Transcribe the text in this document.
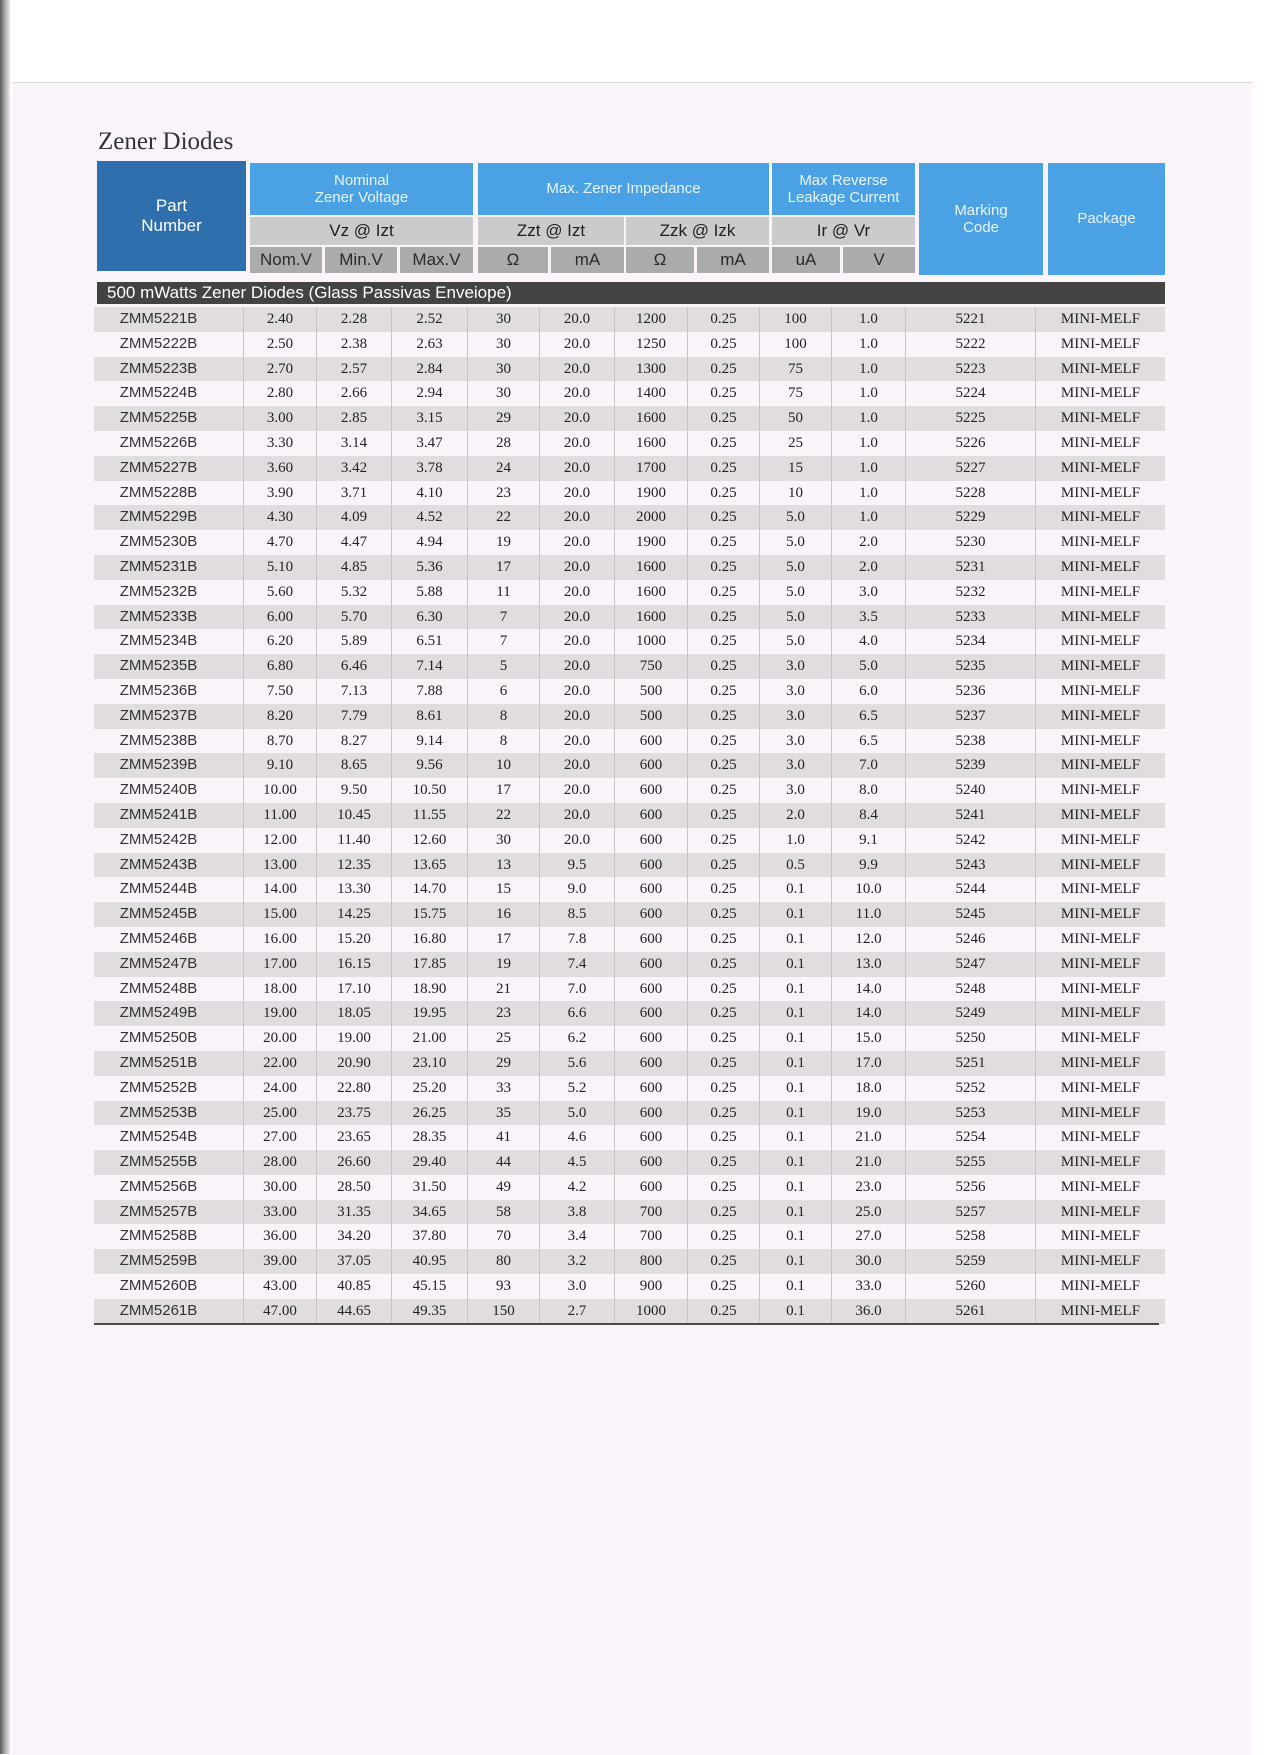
Zener Diodes
Part
Number
Nominal
Zener Voltage
Max. Zener Impedance
Max Reverse
Leakage Current
Marking
Code
Package
Vz @ Izt	Zzt @ Izt	Zzk @ Izk	Ir @ Vr
Nom.V	Min.V	Max.V	Ω	mA	Ω	mA	uA	V
500 mWatts Zener Diodes (Glass Passivas Enveiope)
ZMM5221B	2.40	2.28	2.52	30	20.0	1200	0.25	100	1.0	5221	MINI-MELF
ZMM5222B	2.50	2.38	2.63	30	20.0	1250	0.25	100	1.0	5222	MINI-MELF
ZMM5223B	2.70	2.57	2.84	30	20.0	1300	0.25	75	1.0	5223	MINI-MELF
ZMM5224B	2.80	2.66	2.94	30	20.0	1400	0.25	75	1.0	5224	MINI-MELF
ZMM5225B	3.00	2.85	3.15	29	20.0	1600	0.25	50	1.0	5225	MINI-MELF
ZMM5226B	3.30	3.14	3.47	28	20.0	1600	0.25	25	1.0	5226	MINI-MELF
ZMM5227B	3.60	3.42	3.78	24	20.0	1700	0.25	15	1.0	5227	MINI-MELF
ZMM5228B	3.90	3.71	4.10	23	20.0	1900	0.25	10	1.0	5228	MINI-MELF
ZMM5229B	4.30	4.09	4.52	22	20.0	2000	0.25	5.0	1.0	5229	MINI-MELF
ZMM5230B	4.70	4.47	4.94	19	20.0	1900	0.25	5.0	2.0	5230	MINI-MELF
ZMM5231B	5.10	4.85	5.36	17	20.0	1600	0.25	5.0	2.0	5231	MINI-MELF
ZMM5232B	5.60	5.32	5.88	11	20.0	1600	0.25	5.0	3.0	5232	MINI-MELF
ZMM5233B	6.00	5.70	6.30	7	20.0	1600	0.25	5.0	3.5	5233	MINI-MELF
ZMM5234B	6.20	5.89	6.51	7	20.0	1000	0.25	5.0	4.0	5234	MINI-MELF
ZMM5235B	6.80	6.46	7.14	5	20.0	750	0.25	3.0	5.0	5235	MINI-MELF
ZMM5236B	7.50	7.13	7.88	6	20.0	500	0.25	3.0	6.0	5236	MINI-MELF
ZMM5237B	8.20	7.79	8.61	8	20.0	500	0.25	3.0	6.5	5237	MINI-MELF
ZMM5238B	8.70	8.27	9.14	8	20.0	600	0.25	3.0	6.5	5238	MINI-MELF
ZMM5239B	9.10	8.65	9.56	10	20.0	600	0.25	3.0	7.0	5239	MINI-MELF
ZMM5240B	10.00	9.50	10.50	17	20.0	600	0.25	3.0	8.0	5240	MINI-MELF
ZMM5241B	11.00	10.45	11.55	22	20.0	600	0.25	2.0	8.4	5241	MINI-MELF
ZMM5242B	12.00	11.40	12.60	30	20.0	600	0.25	1.0	9.1	5242	MINI-MELF
ZMM5243B	13.00	12.35	13.65	13	9.5	600	0.25	0.5	9.9	5243	MINI-MELF
ZMM5244B	14.00	13.30	14.70	15	9.0	600	0.25	0.1	10.0	5244	MINI-MELF
ZMM5245B	15.00	14.25	15.75	16	8.5	600	0.25	0.1	11.0	5245	MINI-MELF
ZMM5246B	16.00	15.20	16.80	17	7.8	600	0.25	0.1	12.0	5246	MINI-MELF
ZMM5247B	17.00	16.15	17.85	19	7.4	600	0.25	0.1	13.0	5247	MINI-MELF
ZMM5248B	18.00	17.10	18.90	21	7.0	600	0.25	0.1	14.0	5248	MINI-MELF
ZMM5249B	19.00	18.05	19.95	23	6.6	600	0.25	0.1	14.0	5249	MINI-MELF
ZMM5250B	20.00	19.00	21.00	25	6.2	600	0.25	0.1	15.0	5250	MINI-MELF
ZMM5251B	22.00	20.90	23.10	29	5.6	600	0.25	0.1	17.0	5251	MINI-MELF
ZMM5252B	24.00	22.80	25.20	33	5.2	600	0.25	0.1	18.0	5252	MINI-MELF
ZMM5253B	25.00	23.75	26.25	35	5.0	600	0.25	0.1	19.0	5253	MINI-MELF
ZMM5254B	27.00	23.65	28.35	41	4.6	600	0.25	0.1	21.0	5254	MINI-MELF
ZMM5255B	28.00	26.60	29.40	44	4.5	600	0.25	0.1	21.0	5255	MINI-MELF
ZMM5256B	30.00	28.50	31.50	49	4.2	600	0.25	0.1	23.0	5256	MINI-MELF
ZMM5257B	33.00	31.35	34.65	58	3.8	700	0.25	0.1	25.0	5257	MINI-MELF
ZMM5258B	36.00	34.20	37.80	70	3.4	700	0.25	0.1	27.0	5258	MINI-MELF
ZMM5259B	39.00	37.05	40.95	80	3.2	800	0.25	0.1	30.0	5259	MINI-MELF
ZMM5260B	43.00	40.85	45.15	93	3.0	900	0.25	0.1	33.0	5260	MINI-MELF
ZMM5261B	47.00	44.65	49.35	150	2.7	1000	0.25	0.1	36.0	5261	MINI-MELF
